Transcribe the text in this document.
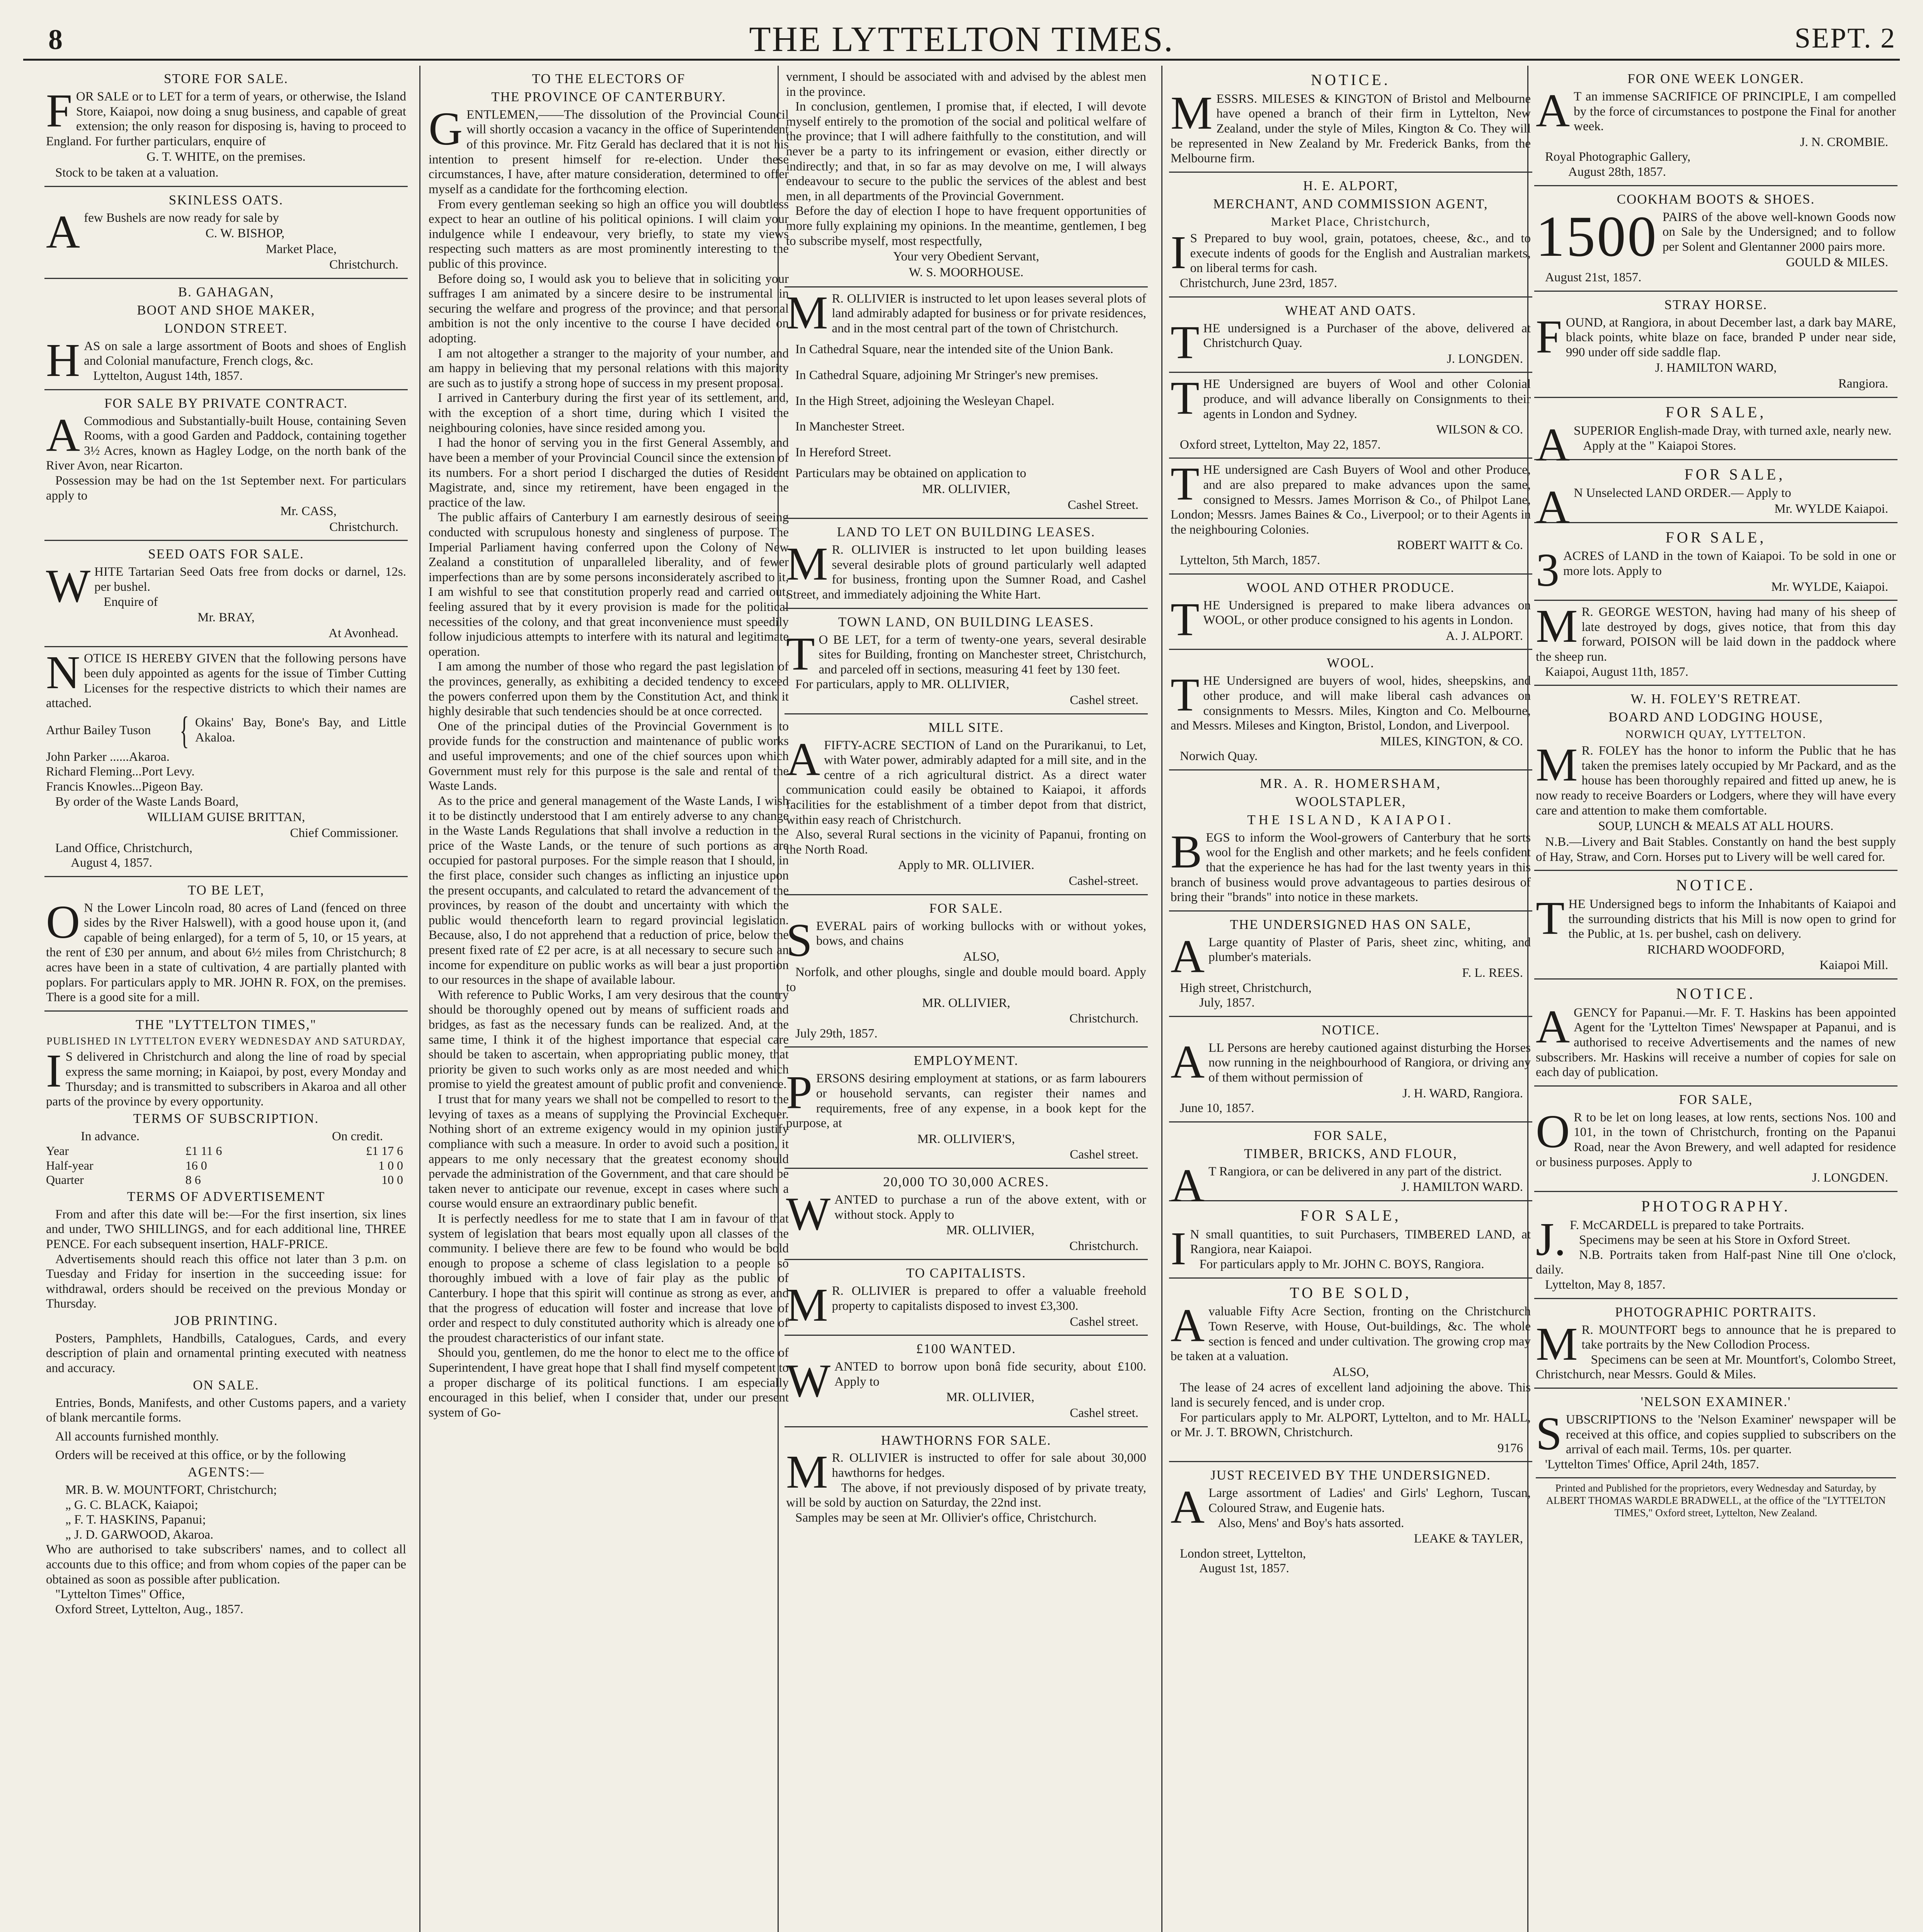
8	THE LYTTELTON TIMES.	SEPT. 2
STORE FOR SALE.
F OR SALE or to LET for a term of years, or otherwise, the Island Store, Kaiapoi, now doing a snug business, and capable of great extension; the only reason for disposing is, having to proceed to England. For further particulars, enquire of

G. T. WHITE, on the premises.

Stock to be taken at a valuation.

SKINLESS OATS.
A few Bushels are now ready for sale by

C. W. BISHOP,

Market Place,

Christchurch.

B. GAHAGAN,
BOOT AND SHOE MAKER,
LONDON STREET.
H AS on sale a large assortment of Boots and shoes of English and Colonial manufacture, French clogs, &c.

Lyttelton, August 14th, 1857.

FOR SALE BY PRIVATE CONTRACT.
A Commodious and Substantially-built House, containing Seven Rooms, with a good Garden and Paddock, containing together 3½ Acres, known as Hagley Lodge, on the north bank of the River Avon, near Ricarton.

Possession may be had on the 1st September next. For particulars apply to

Mr. CASS,

Christchurch.

SEED OATS FOR SALE.
W HITE Tartarian Seed Oats free from docks or darnel, 12s. per bushel.

Enquire of

Mr. BRAY,

At Avonhead.

N OTICE IS HEREBY GIVEN that the following persons have been duly appointed as agents for the issue of Timber Cutting Licenses for the respective districts to which their names are attached.

Arthur Bailey Tuson { Okains' Bay, Bone's Bay, and Little Akaloa.

John Parker ......Akaroa.

Richard Fleming...Port Levy.

Francis Knowles...Pigeon Bay.

By order of the Waste Lands Board,

WILLIAM GUISE BRITTAN,

Chief Commissioner.

Land Office, Christchurch,

August 4, 1857.

TO BE LET,
O N the Lower Lincoln road, 80 acres of Land (fenced on three sides by the River Halswell), with a good house upon it, (and capable of being enlarged), for a term of 5, 10, or 15 years, at the rent of £30 per annum, and about 6½ miles from Christchurch; 8 acres have been in a state of cultivation, 4 are partially planted with poplars. For particulars apply to MR. JOHN R. FOX, on the premises. There is a good site for a mill.

THE "LYTTELTON TIMES,"
PUBLISHED IN LYTTELTON EVERY WEDNESDAY AND SATURDAY,
I S delivered in Christchurch and along the line of road by special express the same morning; in Kaiapoi, by post, every Monday and Thursday; and is transmitted to subscribers in Akaroa and all other parts of the province by every opportunity.

TERMS OF SUBSCRIPTION.
In advance.	On credit.
Year	£1 11 6	£1 17 6
Half-year	16 0	1 0 0
Quarter	8 6	10 0
TERMS OF ADVERTISEMENT

From and after this date will be:—For the first insertion, six lines and under, TWO SHILLINGS, and for each additional line, THREE PENCE. For each subsequent insertion, HALF-PRICE.

Advertisements should reach this office not later than 3 p.m. on Tuesday and Friday for insertion in the succeeding issue: for withdrawal, orders should be received on the previous Monday or Thursday.

JOB PRINTING.

Posters, Pamphlets, Handbills, Catalogues, Cards, and every description of plain and ornamental printing executed with neatness and accuracy.

ON SALE.

Entries, Bonds, Manifests, and other Customs papers, and a variety of blank mercantile forms.

All accounts furnished monthly.

Orders will be received at this office, or by the following

AGENTS:—

MR. B. W. MOUNTFORT, Christchurch;

„ G. C. BLACK, Kaiapoi;

„ F. T. HASKINS, Papanui;

„ J. D. GARWOOD, Akaroa.

Who are authorised to take subscribers' names, and to collect all accounts due to this office; and from whom copies of the paper can be obtained as soon as possible after publication.

"Lyttelton Times" Office,

Oxford Street, Lyttelton, Aug., 1857.

TO THE ELECTORS OF
THE PROVINCE OF CANTERBURY.
G ENTLEMEN,——The dissolution of the Provincial Council will shortly occasion a vacancy in the office of Superintendent of this province. Mr. Fitz Gerald has declared that it is not his intention to present himself for re-election. Under these circumstances, I have, after mature consideration, determined to offer myself as a candidate for the forthcoming election.

From every gentleman seeking so high an office you will doubtless expect to hear an outline of his political opinions. I will claim your indulgence while I endeavour, very briefly, to state my views respecting such matters as are most prominently interesting to the public of this province.

Before doing so, I would ask you to believe that in soliciting your suffrages I am animated by a sincere desire to be instrumental in securing the welfare and progress of the province; and that personal ambition is not the only incentive to the course I have decided on adopting.

I am not altogether a stranger to the majority of your number, and am happy in believing that my personal relations with this majority are such as to justify a strong hope of success in my present proposal.

I arrived in Canterbury during the first year of its settlement, and, with the exception of a short time, during which I visited the neighbouring colonies, have since resided among you.

I had the honor of serving you in the first General Assembly, and have been a member of your Provincial Council since the extension of its numbers. For a short period I discharged the duties of Resident Magistrate, and, since my retirement, have been engaged in the practice of the law.

The public affairs of Canterbury I am earnestly desirous of seeing conducted with scrupulous honesty and singleness of purpose. The Imperial Parliament having conferred upon the Colony of New Zealand a constitution of unparalleled liberality, and of fewer imperfections than are by some persons inconsiderately ascribed to it, I am wishful to see that constitution properly read and carried out, feeling assured that by it every provision is made for the political necessities of the colony, and that great inconvenience must speedily follow injudicious attempts to interfere with its natural and legitimate operation.

I am among the number of those who regard the past legislation of the provinces, generally, as exhibiting a decided tendency to exceed the powers conferred upon them by the Constitution Act, and think it highly desirable that such tendencies should be at once corrected.

One of the principal duties of the Provincial Government is to provide funds for the construction and maintenance of public works and useful improvements; and one of the chief sources upon which Government must rely for this purpose is the sale and rental of the Waste Lands.

As to the price and general management of the Waste Lands, I wish it to be distinctly understood that I am entirely adverse to any change in the Waste Lands Regulations that shall involve a reduction in the price of the Waste Lands, or the tenure of such portions as are occupied for pastoral purposes. For the simple reason that I should, in the first place, consider such changes as inflicting an injustice upon the present occupants, and calculated to retard the advancement of the provinces, by reason of the doubt and uncertainty with which the public would thenceforth learn to regard provincial legislation. Because, also, I do not apprehend that a reduction of price, below the present fixed rate of £2 per acre, is at all necessary to secure such an income for expenditure on public works as will bear a just proportion to our resources in the shape of available labour.

With reference to Public Works, I am very desirous that the country should be thoroughly opened out by means of sufficient roads and bridges, as fast as the necessary funds can be realized. And, at the same time, I think it of the highest importance that especial care should be taken to ascertain, when appropriating public money, that priority be given to such works only as are most needed and which promise to yield the greatest amount of public profit and convenience.

I trust that for many years we shall not be compelled to resort to the levying of taxes as a means of supplying the Provincial Exchequer. Nothing short of an extreme exigency would in my opinion justify compliance with such a measure. In order to avoid such a position, it appears to me only necessary that the greatest economy should pervade the administration of the Government, and that care should be taken never to anticipate our revenue, except in cases where such a course would ensure an extraordinary public benefit.

It is perfectly needless for me to state that I am in favour of that system of legislation that bears most equally upon all classes of the community. I believe there are few to be found who would be bold enough to propose a scheme of class legislation to a people so thoroughly imbued with a love of fair play as the public of Canterbury. I hope that this spirit will continue as strong as ever, and that the progress of education will foster and increase that love of order and respect to duly constituted authority which is already one of the proudest characteristics of our infant state.

Should you, gentlemen, do me the honor to elect me to the office of Superintendent, I have great hope that I shall find myself competent to a proper discharge of its political functions. I am especially encouraged in this belief, when I consider that, under our present system of Go-

vernment, I should be associated with and advised by the ablest men in the province.

In conclusion, gentlemen, I promise that, if elected, I will devote myself entirely to the promotion of the social and political welfare of the province; that I will adhere faithfully to the constitution, and will never be a party to its infringement or evasion, either directly or indirectly; and that, in so far as may devolve on me, I will always endeavour to secure to the public the services of the ablest and best men, in all departments of the Provincial Government.

Before the day of election I hope to have frequent opportunities of more fully explaining my opinions. In the meantime, gentlemen, I beg to subscribe myself, most respectfully,

Your very Obedient Servant,

W. S. MOORHOUSE.

M R. OLLIVIER is instructed to let upon leases several plots of land admirably adapted for business or for private residences, and in the most central part of the town of Christchurch.

In Cathedral Square, near the intended site of the Union Bank.

In Cathedral Square, adjoining Mr Stringer's new premises.

In the High Street, adjoining the Wesleyan Chapel.

In Manchester Street.

In Hereford Street.

Particulars may be obtained on application to

MR. OLLIVIER,

Cashel Street.

LAND TO LET ON BUILDING LEASES.
M R. OLLIVIER is instructed to let upon building leases several desirable plots of ground particularly well adapted for business, fronting upon the Sumner Road, and Cashel Street, and immediately adjoining the White Hart.

TOWN LAND, ON BUILDING LEASES.
T O BE LET, for a term of twenty-one years, several desirable sites for Building, fronting on Manchester street, Christchurch, and parceled off in sections, measuring 41 feet by 130 feet.

For particulars, apply to MR. OLLIVIER,

Cashel street.

MILL SITE.
A FIFTY-ACRE SECTION of Land on the Purarikanui, to Let, with Water power, admirably adapted for a mill site, and in the centre of a rich agricultural district. As a direct water communication could easily be obtained to Kaiapoi, it affords facilities for the establishment of a timber depot from that district, within easy reach of Christchurch.

Also, several Rural sections in the vicinity of Papanui, fronting on the North Road.

Apply to MR. OLLIVIER.

Cashel-street.

FOR SALE.
S EVERAL pairs of working bullocks with or without yokes, bows, and chains

ALSO,

Norfolk, and other ploughs, single and double mould board. Apply to

MR. OLLIVIER,

Christchurch.

July 29th, 1857.

EMPLOYMENT.
P ERSONS desiring employment at stations, or as farm labourers or household servants, can register their names and requirements, free of any expense, in a book kept for the purpose, at

MR. OLLIVIER'S,

Cashel street.

20,000 TO 30,000 ACRES.
W ANTED to purchase a run of the above extent, with or without stock. Apply to

MR. OLLIVIER,

Christchurch.

TO CAPITALISTS.
M R. OLLIVIER is prepared to offer a valuable freehold property to capitalists disposed to invest £3,300.

Cashel street.

£100 WANTED.
W ANTED to borrow upon bonâ fide security, about £100. Apply to

MR. OLLIVIER,

Cashel street.

HAWTHORNS FOR SALE.
M R. OLLIVIER is instructed to offer for sale about 30,000 hawthorns for hedges.

The above, if not previously disposed of by private treaty, will be sold by auction on Saturday, the 22nd inst.

Samples may be seen at Mr. Ollivier's office, Christchurch.

NOTICE.
M ESSRS. MILESES & KINGTON of Bristol and Melbourne have opened a branch of their firm in Lyttelton, New Zealand, under the style of Miles, Kington & Co. They will be represented in New Zealand by Mr. Frederick Banks, from the Melbourne firm.

H. E. ALPORT,
MERCHANT, AND COMMISSION AGENT,
Market Place, Christchurch,
I S Prepared to buy wool, grain, potatoes, cheese, &c., and to execute indents of goods for the English and Australian markets, on liberal terms for cash.

Christchurch, June 23rd, 1857.

WHEAT AND OATS.
T HE undersigned is a Purchaser of the above, delivered at Christchurch Quay.

J. LONGDEN.

T HE Undersigned are buyers of Wool and other Colonial produce, and will advance liberally on Consignments to their agents in London and Sydney.

WILSON & CO.

Oxford street, Lyttelton, May 22, 1857.

T HE undersigned are Cash Buyers of Wool and other Produce, and are also prepared to make advances upon the same, consigned to Messrs. James Morrison & Co., of Philpot Lane, London; Messrs. James Baines & Co., Liverpool; or to their Agents in the neighbouring Colonies.

ROBERT WAITT & Co.

Lyttelton, 5th March, 1857.

WOOL AND OTHER PRODUCE.
T HE Undersigned is prepared to make libera advances on WOOL, or other produce consigned to his agents in London.

A. J. ALPORT.

WOOL.
T HE Undersigned are buyers of wool, hides, sheepskins, and other produce, and will make liberal cash advances on consignments to Messrs. Miles, Kington and Co. Melbourne, and Messrs. Mileses and Kington, Bristol, London, and Liverpool.

MILES, KINGTON, & CO.

Norwich Quay.

MR. A. R. HOMERSHAM,
WOOLSTAPLER,
THE ISLAND, KAIAPOI.
B EGS to inform the Wool-growers of Canterbury that he sorts wool for the English and other markets; and he feels confident that the experience he has had for the last twenty years in this branch of business would prove advantageous to parties desirous of bring their "brands" into notice in these markets.

THE UNDERSIGNED HAS ON SALE,
A Large quantity of Plaster of Paris, sheet zinc, whiting, and plumber's materials.

F. L. REES.

High street, Christchurch,

July, 1857.

NOTICE.
A LL Persons are hereby cautioned against disturbing the Horses now running in the neighbourhood of Rangiora, or driving any of them without permission of

J. H. WARD, Rangiora.

June 10, 1857.

FOR SALE,
TIMBER, BRICKS, AND FLOUR,
A T Rangiora, or can be delivered in any part of the district.

J. HAMILTON WARD.

FOR SALE,
I N small quantities, to suit Purchasers, TIMBERED LAND, at Rangiora, near Kaiapoi.

For particulars apply to Mr. JOHN C. BOYS, Rangiora.

TO BE SOLD,
A valuable Fifty Acre Section, fronting on the Christchurch Town Reserve, with House, Out-buildings, &c. The whole section is fenced and under cultivation. The growing crop may be taken at a valuation.

ALSO,

The lease of 24 acres of excellent land adjoining the above. This land is securely fenced, and is under crop.

For particulars apply to Mr. ALPORT, Lyttelton, and to Mr. HALL, or Mr. J. T. BROWN, Christchurch.

9176

JUST RECEIVED BY THE UNDERSIGNED.
A Large assortment of Ladies' and Girls' Leghorn, Tuscan, Coloured Straw, and Eugenie hats.

Also, Mens' and Boy's hats assorted.

LEAKE & TAYLER,

London street, Lyttelton,

August 1st, 1857.

FOR ONE WEEK LONGER.
A T an immense SACRIFICE OF PRINCIPLE, I am compelled by the force of circumstances to postpone the Final for another week.

J. N. CROMBIE.

Royal Photographic Gallery,

August 28th, 1857.

COOKHAM BOOTS & SHOES.
1500 PAIRS of the above well-known Goods now on Sale by the Undersigned; and to follow per Solent and Glentanner 2000 pairs more.

GOULD & MILES.

August 21st, 1857.

STRAY HORSE.
F OUND, at Rangiora, in about December last, a dark bay MARE, black points, white blaze on face, branded P under near side, 990 under off side saddle flap.

J. HAMILTON WARD,

Rangiora.

FOR SALE,
A SUPERIOR English-made Dray, with turned axle, nearly new.

Apply at the " Kaiapoi Stores.

FOR SALE,
A N Unselected LAND ORDER.— Apply to

Mr. WYLDE Kaiapoi.

FOR SALE,
3 ACRES of LAND in the town of Kaiapoi. To be sold in one or more lots. Apply to

Mr. WYLDE, Kaiapoi.

M R. GEORGE WESTON, having had many of his sheep of late destroyed by dogs, gives notice, that from this day forward, POISON will be laid down in the paddock where the sheep run.

Kaiapoi, August 11th, 1857.

W. H. FOLEY'S RETREAT.
BOARD AND LODGING HOUSE,
NORWICH QUAY, LYTTELTON.
M R. FOLEY has the honor to inform the Public that he has taken the premises lately occupied by Mr Packard, and as the house has been thoroughly repaired and fitted up anew, he is now ready to receive Boarders or Lodgers, where they will have every care and attention to make them comfortable.

SOUP, LUNCH & MEALS AT ALL HOURS.

N.B.—Livery and Bait Stables. Constantly on hand the best supply of Hay, Straw, and Corn. Horses put to Livery will be well cared for.

NOTICE.
T HE Undersigned begs to inform the Inhabitants of Kaiapoi and the surrounding districts that his Mill is now open to grind for the Public, at 1s. per bushel, cash on delivery.

RICHARD WOODFORD,

Kaiapoi Mill.

NOTICE.
A GENCY for Papanui.—Mr. F. T. Haskins has been appointed Agent for the 'Lyttelton Times' Newspaper at Papanui, and is authorised to receive Advertisements and the names of new subscribers. Mr. Haskins will receive a number of copies for sale on each day of publication.

FOR SALE,
O R to be let on long leases, at low rents, sections Nos. 100 and 101, in the town of Christchurch, fronting on the Papanui Road, near the Avon Brewery, and well adapted for residence or business purposes. Apply to

J. LONGDEN.

PHOTOGRAPHY.
J. F. McCARDELL is prepared to take Portraits.

Specimens may be seen at his Store in Oxford Street.

N.B. Portraits taken from Half-past Nine till One o'clock, daily.

Lyttelton, May 8, 1857.

PHOTOGRAPHIC PORTRAITS.
M R. MOUNTFORT begs to announce that he is prepared to take portraits by the New Collodion Process.

Specimens can be seen at Mr. Mountfort's, Colombo Street, Christchurch, near Messrs. Gould & Miles.

'NELSON EXAMINER.'
S UBSCRIPTIONS to the 'Nelson Examiner' newspaper will be received at this office, and copies supplied to subscribers on the arrival of each mail. Terms, 10s. per quarter.

'Lyttelton Times' Office, April 24th, 1857.

Printed and Published for the proprietors, every Wednesday and Saturday, by ALBERT THOMAS WARDLE BRADWELL, at the office of the "LYTTELTON TIMES," Oxford street, Lyttelton, New Zealand.
